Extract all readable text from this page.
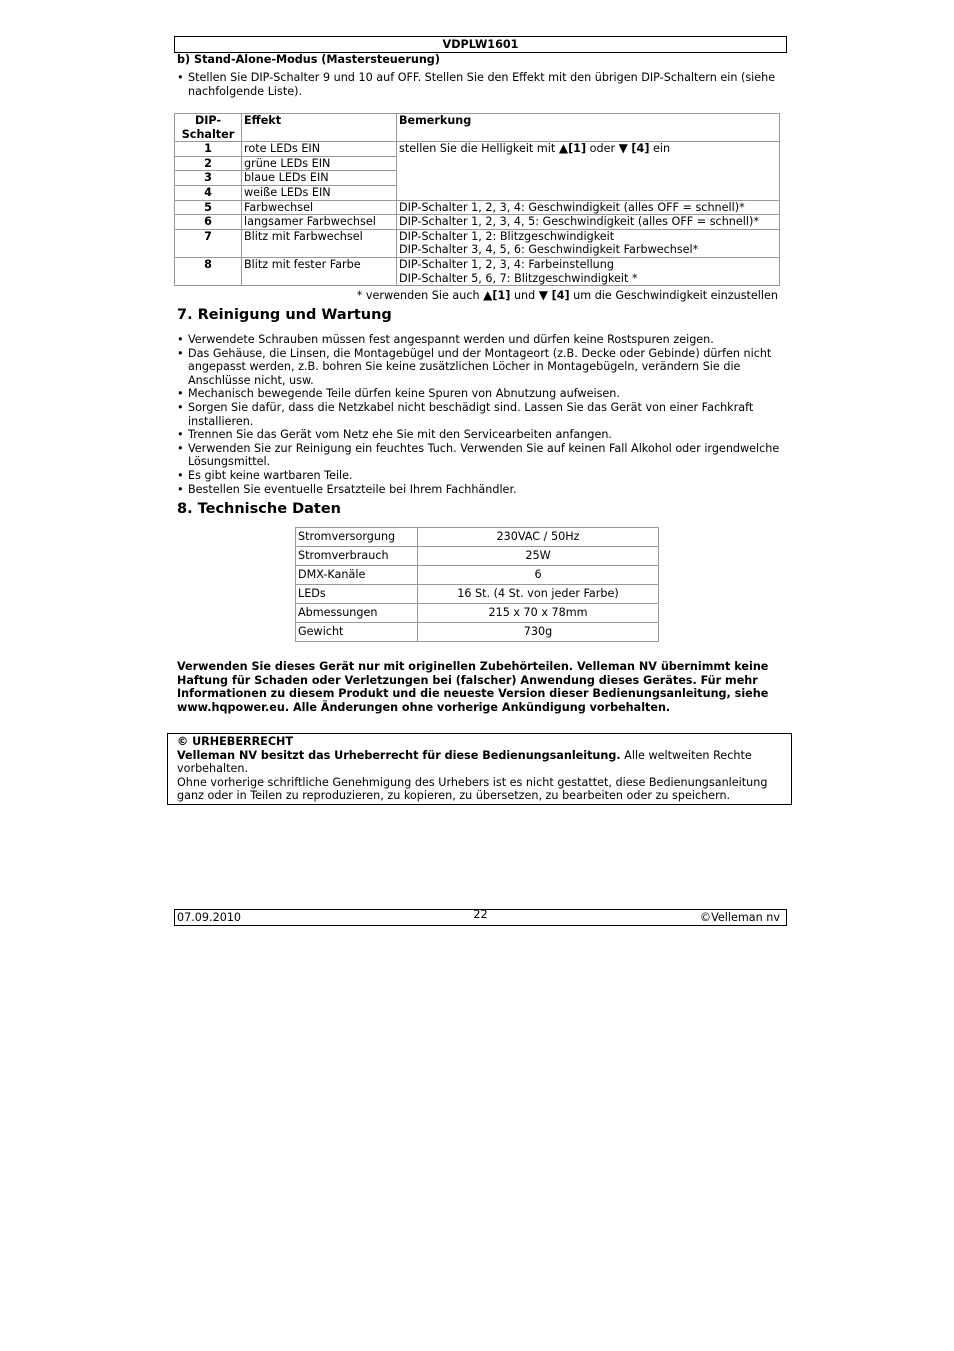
VDPLW1601
b) Stand-Alone-Modus (Mastersteuerung)
• Stellen Sie DIP-Schalter 9 und 10 auf OFF. Stellen Sie den Effekt mit den übrigen DIP-Schaltern ein (siehe nachfolgende Liste).
DIP-
Schalter	Effekt	Bemerkung
1	rote LEDs EIN	stellen Sie die Helligkeit mit ▲[1] oder ▼ [4] ein
2	grüne LEDs EIN	
3	blaue LEDs EIN	
4	weiße LEDs EIN	
5	Farbwechsel	DIP-Schalter 1, 2, 3, 4: Geschwindigkeit (alles OFF = schnell)*
6	langsamer Farbwechsel	DIP-Schalter 1, 2, 3, 4, 5: Geschwindigkeit (alles OFF = schnell)*
7	Blitz mit Farbwechsel	DIP-Schalter 1, 2: Blitzgeschwindigkeit
DIP-Schalter 3, 4, 5, 6: Geschwindigkeit Farbwechsel*

8	Blitz mit fester Farbe	DIP-Schalter 1, 2, 3, 4: Farbeinstellung
DIP-Schalter 5, 6, 7: Blitzgeschwindigkeit *
* verwenden Sie auch ▲[1] und ▼ [4] um die Geschwindigkeit einzustellen
7. Reinigung und Wartung
• Verwendete Schrauben müssen fest angespannt werden und dürfen keine Rostspuren zeigen.
• Das Gehäuse, die Linsen, die Montagebügel und der Montageort (z.B. Decke oder Gebinde) dürfen nicht angepasst werden, z.B. bohren Sie keine zusätzlichen Löcher in Montagebügeln, verändern Sie die Anschlüsse nicht, usw.
• Mechanisch bewegende Teile dürfen keine Spuren von Abnutzung aufweisen.
• Sorgen Sie dafür, dass die Netzkabel nicht beschädigt sind. Lassen Sie das Gerät von einer Fachkraft installieren.
• Trennen Sie das Gerät vom Netz ehe Sie mit den Servicearbeiten anfangen.
• Verwenden Sie zur Reinigung ein feuchtes Tuch. Verwenden Sie auf keinen Fall Alkohol oder irgendwelche Lösungsmittel.
• Es gibt keine wartbaren Teile.
• Bestellen Sie eventuelle Ersatzteile bei Ihrem Fachhändler.
8. Technische Daten
Stromversorgung	230VAC / 50Hz
Stromverbrauch	25W
DMX-Kanäle	6
LEDs	16 St. (4 St. von jeder Farbe)
Abmessungen	215 x 70 x 78mm
Gewicht	730g
Verwenden Sie dieses Gerät nur mit originellen Zubehörteilen. Velleman NV übernimmt keine Haftung für Schaden oder Verletzungen bei (falscher) Anwendung dieses Gerätes. Für mehr Informationen zu diesem Produkt und die neueste Version dieser Bedienungsanleitung, siehe www.hqpower.eu. Alle Änderungen ohne vorherige Ankündigung vorbehalten.
© URHEBERRECHT
Velleman NV besitzt das Urheberrecht für diese Bedienungsanleitung. Alle weltweiten Rechte vorbehalten.
Ohne vorherige schriftliche Genehmigung des Urhebers ist es nicht gestattet, diese Bedienungsanleitung ganz oder in Teilen zu reproduzieren, zu kopieren, zu übersetzen, zu bearbeiten oder zu speichern.
07.09.2010	22	©Velleman nv
